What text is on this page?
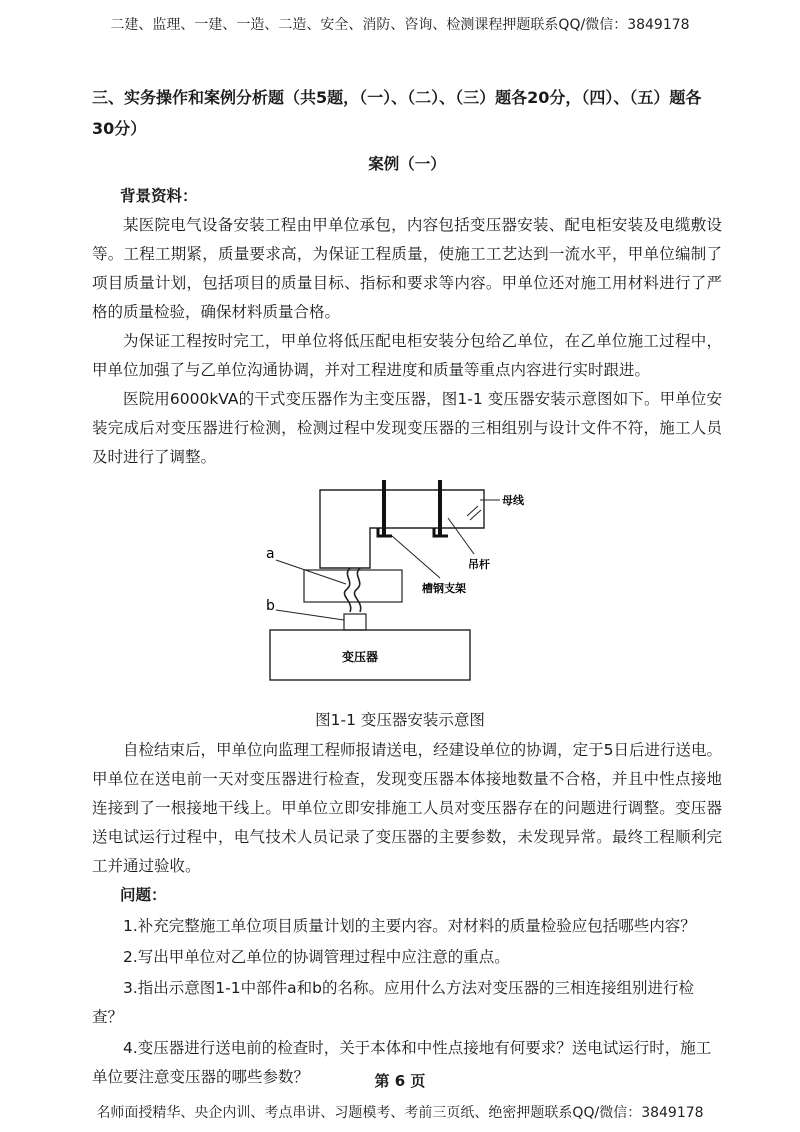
二建、监理、一建、一造、二造、安全、消防、咨询、检测课程押题联系QQ/微信：3849178

三、实务操作和案例分析题（共5题，（一）、（二）、（三）题各20分，（四）、（五）题各30分）

案例（一）

背景资料：

某医院电气设备安装工程由甲单位承包，内容包括变压器安装、配电柜安装及电缆敷设等。工程工期紧，质量要求高，为保证工程质量，使施工工艺达到一流水平，甲单位编制了项目质量计划，包括项目的质量目标、指标和要求等内容。甲单位还对施工用材料进行了严格的质量检验，确保材料质量合格。

为保证工程按时完工，甲单位将低压配电柜安装分包给乙单位，在乙单位施工过程中，甲单位加强了与乙单位沟通协调，并对工程进度和质量等重点内容进行实时跟进。

医院用6000kVA的干式变压器作为主变压器，图1-1 变压器安装示意图如下。甲单位安装完成后对变压器进行检测，检测过程中发现变压器的三相组别与设计文件不符，施工人员及时进行了调整。

a
b
母线
吊杆
槽钢支架
变压器
图1-1 变压器安装示意图

自检结束后，甲单位向监理工程师报请送电，经建设单位的协调，定于5日后进行送电。甲单位在送电前一天对变压器进行检查，发现变压器本体接地数量不合格，并且中性点接地连接到了一根接地干线上。甲单位立即安排施工人员对变压器存在的问题进行调整。变压器送电试运行过程中，电气技术人员记录了变压器的主要参数，未发现异常。最终工程顺利完工并通过验收。

问题：

1.补充完整施工单位项目质量计划的主要内容。对材料的质量检验应包括哪些内容？

2.写出甲单位对乙单位的协调管理过程中应注意的重点。

3.指出示意图1-1中部件a和b的名称。应用什么方法对变压器的三相连接组别进行检查？

4.变压器进行送电前的检查时，关于本体和中性点接地有何要求？送电试运行时，施工单位要注意变压器的哪些参数？	第 6 页
名师面授精华、央企内训、考点串讲、习题模考、考前三页纸、绝密押题联系QQ/微信：3849178
